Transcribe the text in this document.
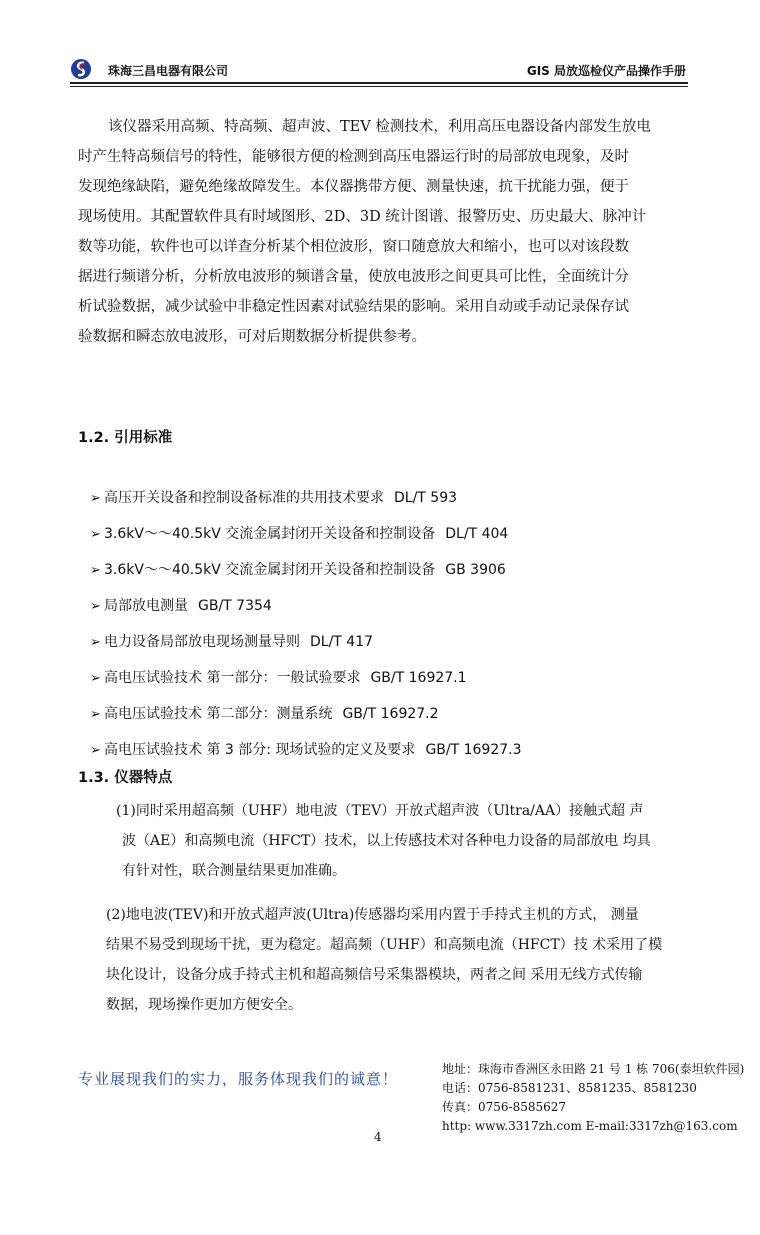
珠海三昌电器有限公司	GIS 局放巡检仪产品操作手册
该仪器采用高频、特高频、超声波、TEV 检测技术，利用高压电器设备内部发生放电
时产生特高频信号的特性，能够很方便的检测到高压电器运行时的局部放电现象，及时
发现绝缘缺陷，避免绝缘故障发生。本仪器携带方便、测量快速，抗干扰能力强，便于
现场使用。其配置软件具有时域图形、2D、3D 统计图谱、报警历史、历史最大、脉冲计
数等功能，软件也可以详查分析某个相位波形，窗口随意放大和缩小，也可以对该段数
据进行频谱分析，分析放电波形的频谱含量，使放电波形之间更具可比性，全面统计分
析试验数据，减少试验中非稳定性因素对试验结果的影响。采用自动或手动记录保存试
验数据和瞬态放电波形，可对后期数据分析提供参考。
1.2. 引用标准
➢ 高压开关设备和控制设备标准的共用技术要求 DL/T 593
➢ 3.6kV～～40.5kV 交流金属封闭开关设备和控制设备 DL/T 404
➢ 3.6kV～～40.5kV 交流金属封闭开关设备和控制设备 GB 3906
➢ 局部放电测量 GB/T 7354
➢ 电力设备局部放电现场测量导则 DL/T 417
➢ 高电压试验技术 第一部分：一般试验要求 GB/T 16927.1
➢ 高电压试验技术 第二部分：测量系统 GB/T 16927.2
➢ 高电压试验技术 第 3 部分: 现场试验的定义及要求 GB/T 16927.3
1.3. 仪器特点
(1)同时采用超高频（UHF）地电波（TEV）开放式超声波（Ultra/AA）接触式超 声
波（AE）和高频电流（HFCT）技术，以上传感技术对各种电力设备的局部放电 均具
有针对性，联合测量结果更加准确。
(2)地电波(TEV)和开放式超声波(Ultra)传感器均采用内置于手持式主机的方式， 测量
结果不易受到现场干扰，更为稳定。超高频（UHF）和高频电流（HFCT）技 术采用了模
块化设计，设备分成手持式主机和超高频信号采集器模块，两者之间 采用无线方式传输
数据，现场操作更加方便安全。
专业展现我们的实力，服务体现我们的诚意！
地址：珠海市香洲区永田路 21 号 1 栋 706(泰坦软件园)
电话：0756-8581231、8581235、8581230
传真：0756-8585627
http: www.3317zh.com E-mail:3317zh@163.com
4
